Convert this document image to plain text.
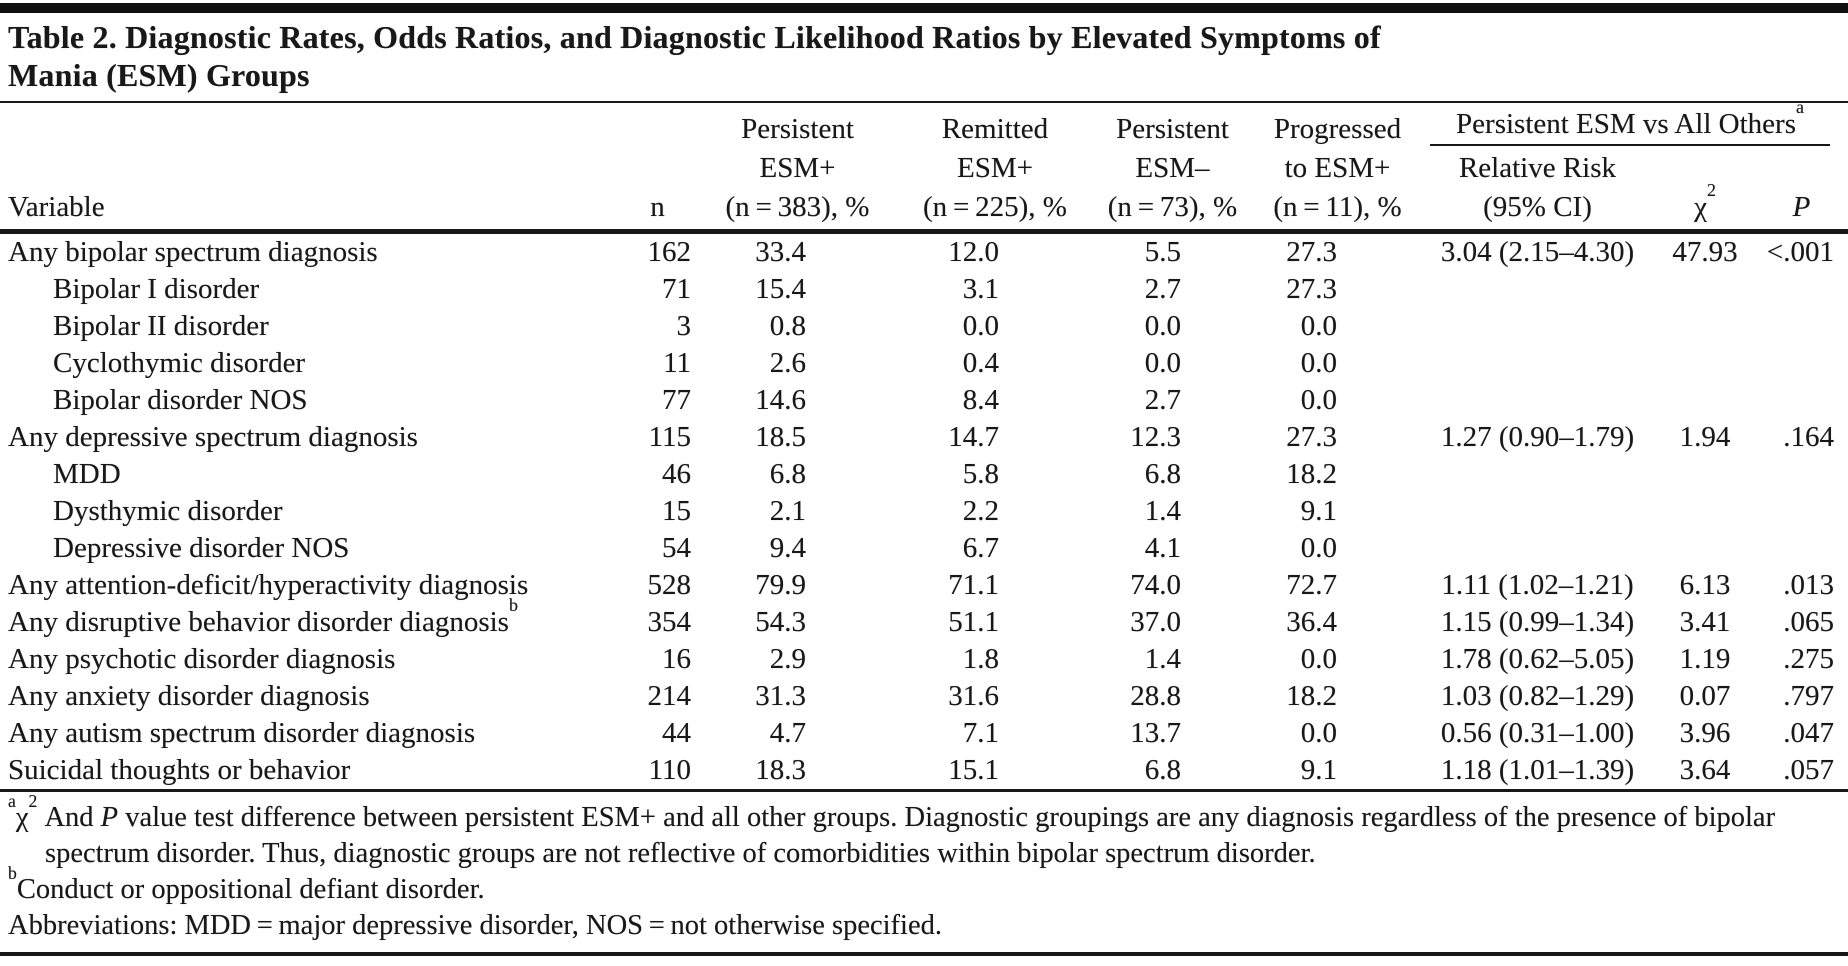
Table 2. Diagnostic Rates, Odds Ratios, and Diagnostic Likelihood Ratios by Elevated Symptoms of
Mania (ESM) Groups
		Persistent	Remitted	Persistent	Progressed	Persistent ESM vs All Others$^a$

		ESM+	ESM+	ESM–	to ESM+	Relative Risk		
Variable	n	(n = 383), %	(n = 225), %	(n = 73), %	(n = 11), %	(95% CI)	$\chi^2$	P
Any bipolar spectrum diagnosis	162	33.4	12.0	5.5	27.3	3.04 (2.15–4.30)	47.93	<.001
Bipolar I disorder	71	15.4	3.1	2.7	27.3			
Bipolar II disorder	3	0.8	0.0	0.0	0.0			
Cyclothymic disorder	11	2.6	0.4	0.0	0.0			
Bipolar disorder NOS	77	14.6	8.4	2.7	0.0			
Any depressive spectrum diagnosis	115	18.5	14.7	12.3	27.3	1.27 (0.90–1.79)	1.94	.164
MDD	46	6.8	5.8	6.8	18.2			
Dysthymic disorder	15	2.1	2.2	1.4	9.1			
Depressive disorder NOS	54	9.4	6.7	4.1	0.0			
Any attention-deficit/hyperactivity diagnosis	528	79.9	71.1	74.0	72.7	1.11 (1.02–1.21)	6.13	.013
Any disruptive behavior disorder diagnosis$^b$	354	54.3	51.1	37.0	36.4	1.15 (0.99–1.34)	3.41	.065
Any psychotic disorder diagnosis	16	2.9	1.8	1.4	0.0	1.78 (0.62–5.05)	1.19	.275
Any anxiety disorder diagnosis	214	31.3	31.6	28.8	18.2	1.03 (0.82–1.29)	0.07	.797
Any autism spectrum disorder diagnosis	44	4.7	7.1	13.7	0.0	0.56 (0.31–1.00)	3.96	.047
Suicidal thoughts or behavior	110	18.3	15.1	6.8	9.1	1.18 (1.01–1.39)	3.64	.057
$^a\chi^2$ And P value test difference between persistent ESM+ and all other groups. Diagnostic groupings are any diagnosis regardless of the presence of bipolar spectrum disorder. Thus, diagnostic groups are not reflective of comorbidities within bipolar spectrum disorder.
$^b$Conduct or oppositional defiant disorder.
Abbreviations: MDD = major depressive disorder, NOS = not otherwise specified.
